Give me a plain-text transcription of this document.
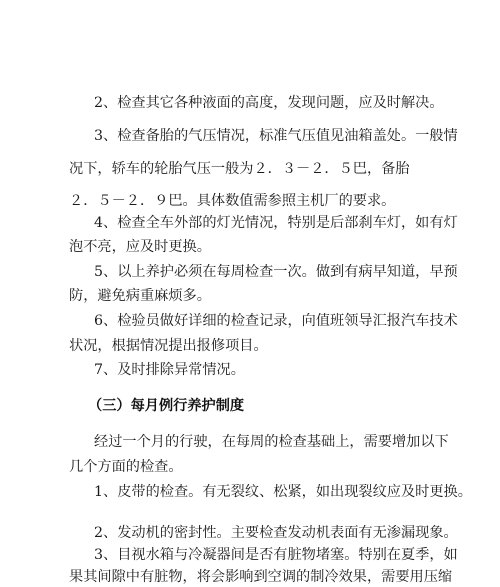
2、检查其它各种液面的高度，发现问题，应及时解决。
3、检查备胎的气压情况，标准气压值见油箱盖处。一般情
况下，轿车的轮胎气压一般为２．３－２．５巴，备胎
２．５－２．９巴。具体数值需参照主机厂的要求。
4、检查全车外部的灯光情况，特别是后部刹车灯，如有灯
泡不亮，应及时更换。
5、以上养护必须在每周检查一次。做到有病早知道，早预
防，避免病重麻烦多。
6、检验员做好详细的检查记录，向值班领导汇报汽车技术
状况，根据情况提出报修项目。
7、及时排除异常情况。
（三）每月例行养护制度
经过一个月的行驶，在每周的检查基础上，需要增加以下
几个方面的检查。
1、皮带的检查。有无裂纹、松紧，如出现裂纹应及时更换。
2、发动机的密封性。主要检查发动机表面有无渗漏现象。
3、目视水箱与冷凝器间是否有脏物堵塞。特别在夏季，如
果其间隙中有脏物，将会影响到空调的制冷效果，需要用压缩
